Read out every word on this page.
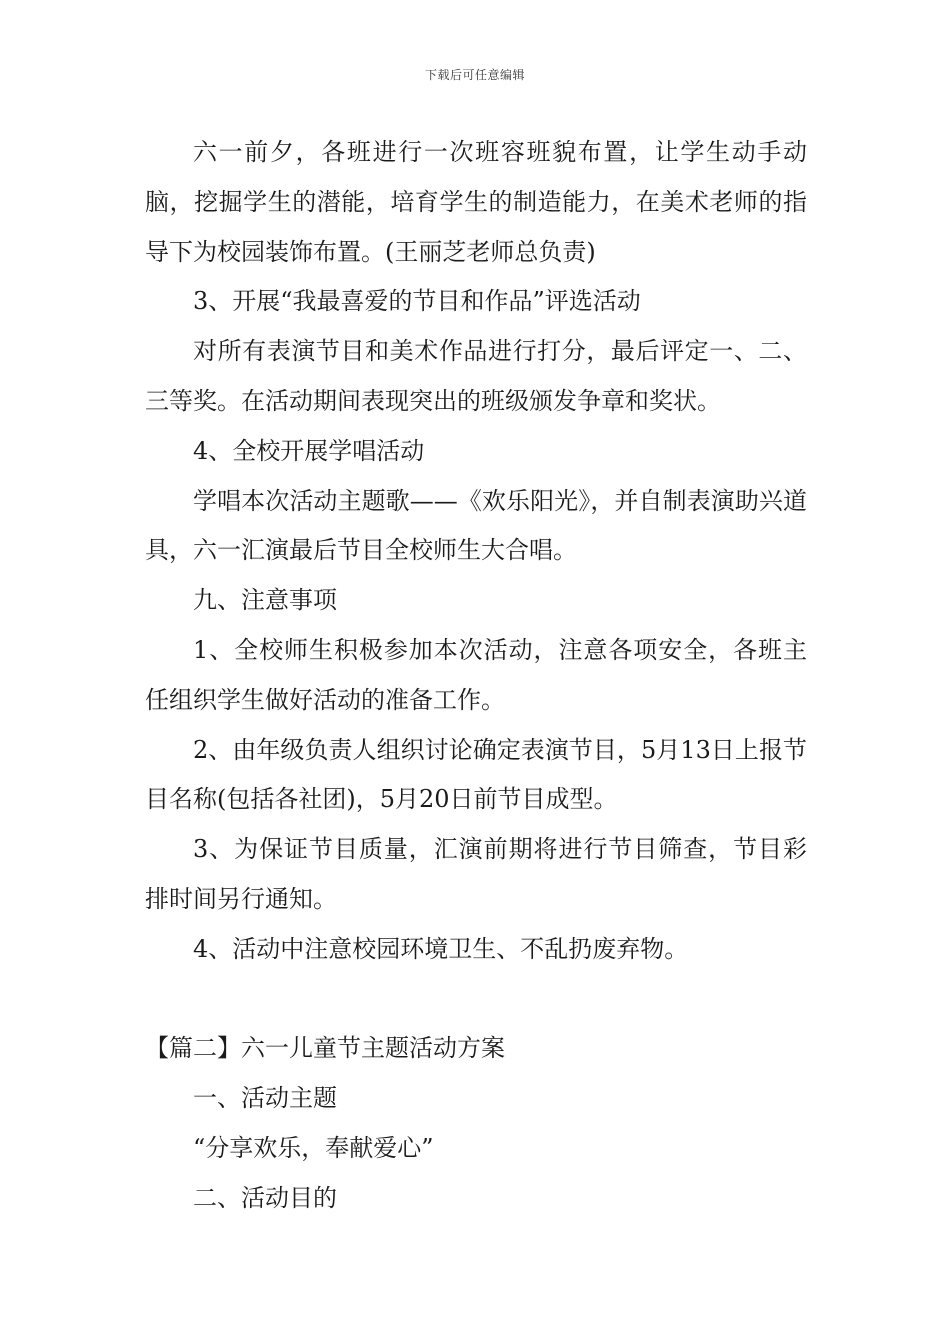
下载后可任意编辑

六一前夕，各班进行一次班容班貌布置，让学生动手动脑，挖掘学生的潜能，培育学生的制造能力，在美术老师的指导下为校园装饰布置。(王丽芝老师总负责)

3、开展“我最喜爱的节目和作品”评选活动

对所有表演节目和美术作品进行打分，最后评定一、二、三等奖。在活动期间表现突出的班级颁发争章和奖状。

4、全校开展学唱活动

学唱本次活动主题歌——《欢乐阳光》，并自制表演助兴道具，六一汇演最后节目全校师生大合唱。

九、注意事项

1、全校师生积极参加本次活动，注意各项安全，各班主任组织学生做好活动的准备工作。

2、由年级负责人组织讨论确定表演节目，5月13日上报节目名称(包括各社团)，5月20日前节目成型。

3、为保证节目质量，汇演前期将进行节目筛查，节目彩排时间另行通知。

4、活动中注意校园环境卫生、不乱扔废弃物。

【篇二】六一儿童节主题活动方案

一、活动主题

“分享欢乐，奉献爱心”

二、活动目的
